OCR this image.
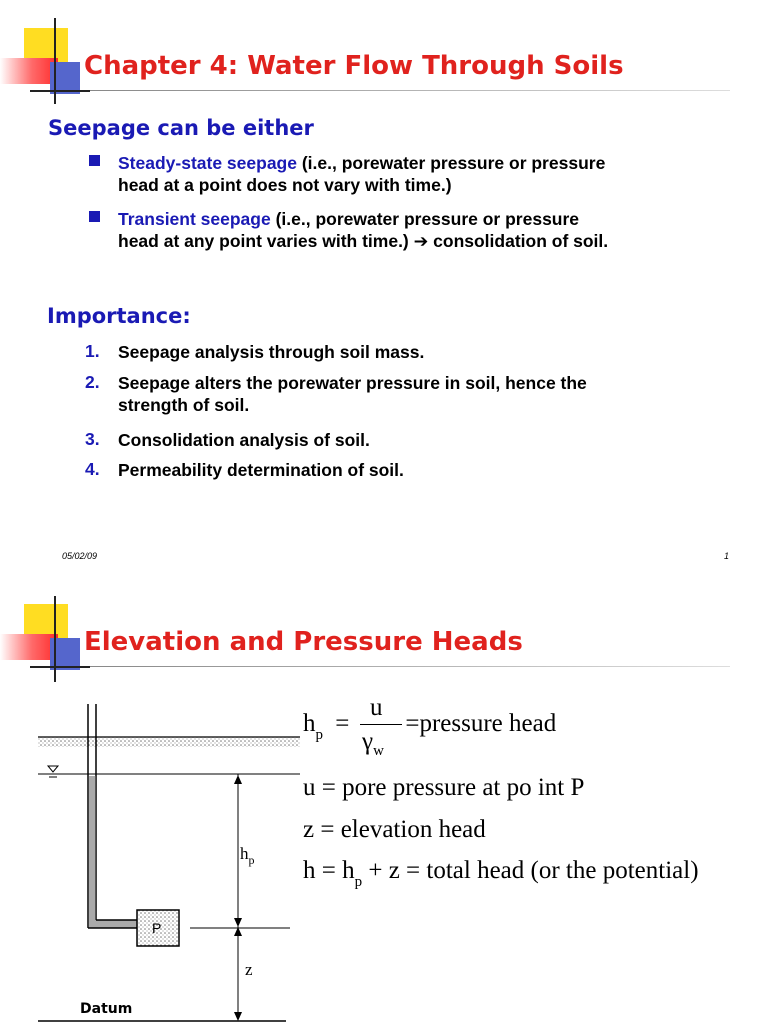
Chapter 4: Water Flow Through Soils
Seepage can be either
Steady-state seepage (i.e., porewater pressure or pressure
head at a point does not vary with time.)
Transient seepage (i.e., porewater pressure or pressure
head at any point varies with time.) ➔ consolidation of soil.
Importance:
1. Seepage analysis through soil mass.
2. Seepage alters the porewater pressure in soil, hence the
strength of soil.
3. Consolidation analysis of soil.
4. Permeability determination of soil.
05/02/09	1
Elevation and Pressure Heads
$h_p$
z
P
Datum
$h_p$ = =pressure head
u
$\gamma_w$
u = pore pressure at po int P
z = elevation head
$h = h_p + z$ = total head (or the potential)
